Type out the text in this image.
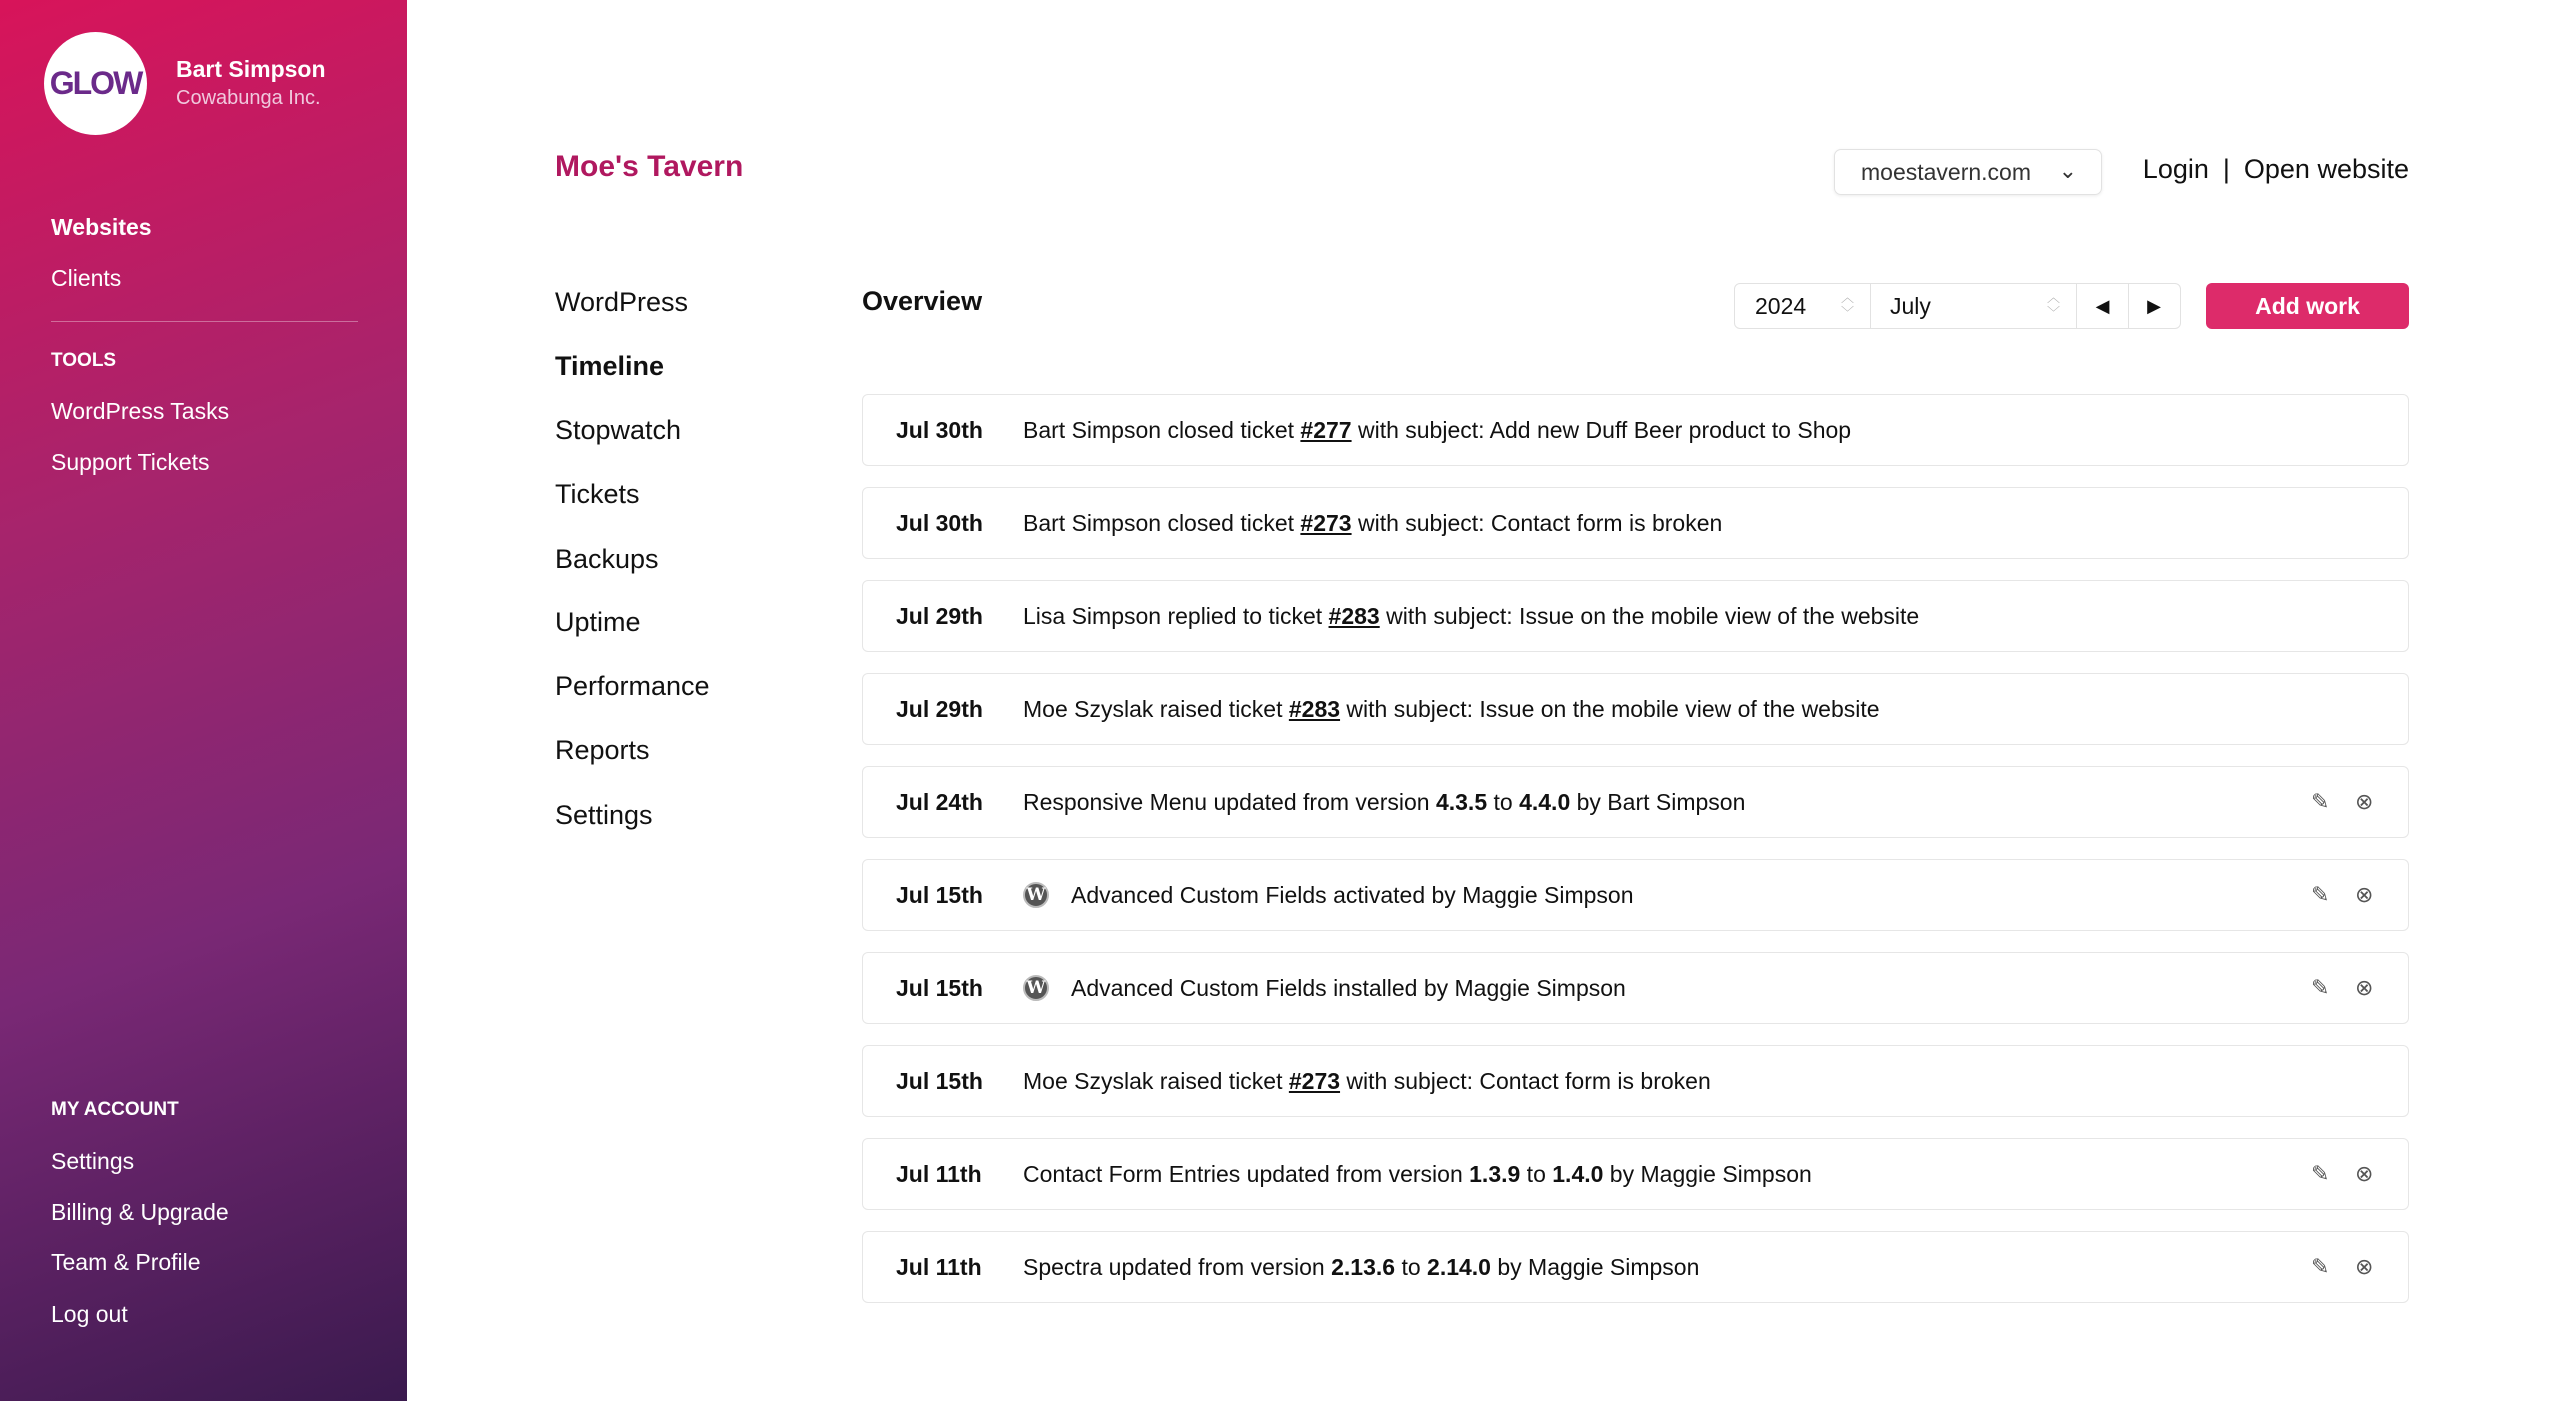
GLOW Bart Simpson
Cowabunga Inc.
Websites
Clients
TOOLS
WordPress Tasks
Support Tickets
MY ACCOUNT
Settings
Billing & Upgrade
Team & Profile
Log out
Moe's Tavern	moestavern.com ⌄ Login | Open website
WordPress
Timeline
Stopwatch
Tickets
Backups
Uptime
Performance
Reports
Settings
Overview	2024	︿
﹀ July	︿
﹀ ◀ ▶	Add work
Jul 30th Bart Simpson closed ticket #277 with subject: Add new Duff Beer product to Shop
Jul 30th Bart Simpson closed ticket #273 with subject: Contact form is broken
Jul 29th Lisa Simpson replied to ticket #283 with subject: Issue on the mobile view of the website
Jul 29th Moe Szyslak raised ticket #283 with subject: Issue on the mobile view of the website
Jul 24th Responsive Menu updated from version 4.3.5 to 4.4.0 by Bart Simpson	✎ ⊗
Jul 15th	W Advanced Custom Fields activated by Maggie Simpson	✎ ⊗
Jul 15th	W Advanced Custom Fields installed by Maggie Simpson	✎ ⊗
Jul 15th Moe Szyslak raised ticket #273 with subject: Contact form is broken
Jul 11th Contact Form Entries updated from version 1.3.9 to 1.4.0 by Maggie Simpson	✎ ⊗
Jul 11th Spectra updated from version 2.13.6 to 2.14.0 by Maggie Simpson	✎ ⊗
